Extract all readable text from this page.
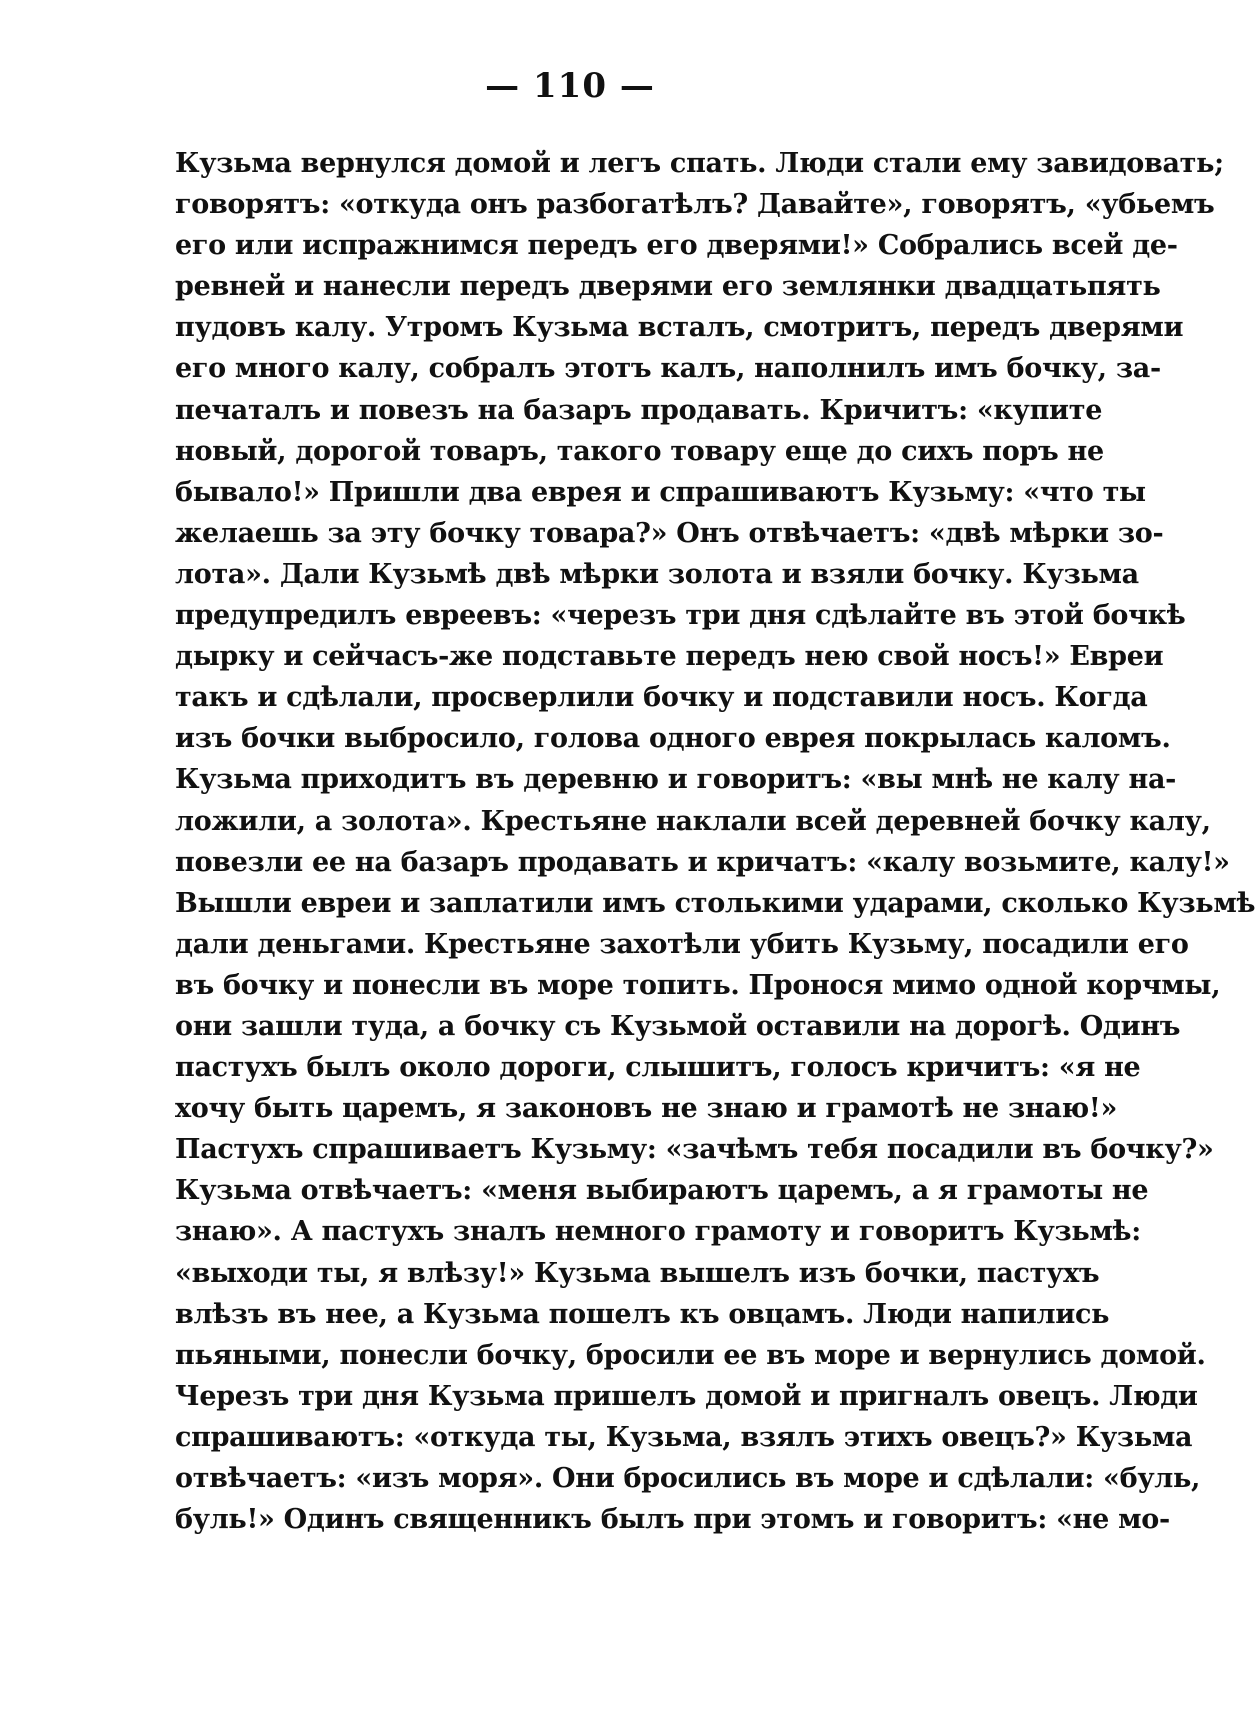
— 110 —
Кузьма вернулся домой и легъ спать. Люди стали ему завидовать;
говорятъ: «откуда онъ разбогатѣлъ? Давайте», говорятъ, «убьемъ
его или испражнимся передъ его дверями!» Собрались всей де-
ревней и нанесли передъ дверями его землянки двадцатьпять
пудовъ калу. Утромъ Кузьма всталъ, смотритъ, передъ дверями
его много калу, собралъ этотъ калъ, наполнилъ имъ бочку, за-
печаталъ и повезъ на базаръ продавать. Кричитъ: «купите
новый, дорогой товаръ, такого товару еще до сихъ поръ не
бывало!» Пришли два еврея и спрашиваютъ Кузьму: «что ты
желаешь за эту бочку товара?» Онъ отвѣчаетъ: «двѣ мѣрки зо-
лота». Дали Кузьмѣ двѣ мѣрки золота и взяли бочку. Кузьма
предупредилъ евреевъ: «черезъ три дня сдѣлайте въ этой бочкѣ
дырку и сейчасъ-же подставьте передъ нею свой носъ!» Евреи
такъ и сдѣлали, просверлили бочку и подставили носъ. Когда
изъ бочки выбросило, голова одного еврея покрылась каломъ.
Кузьма приходитъ въ деревню и говоритъ: «вы мнѣ не калу на-
ложили, а золота». Крестьяне наклали всей деревней бочку калу,
повезли ее на базаръ продавать и кричатъ: «калу возьмите, калу!»
Вышли евреи и заплатили имъ столькими ударами, сколько Кузьмѣ
дали деньгами. Крестьяне захотѣли убить Кузьму, посадили его
въ бочку и понесли въ море топить. Пронося мимо одной корчмы,
они зашли туда, а бочку съ Кузьмой оставили на дорогѣ. Одинъ
пастухъ былъ около дороги, слышитъ, голосъ кричитъ: «я не
хочу быть царемъ, я законовъ не знаю и грамотѣ не знаю!»
Пастухъ спрашиваетъ Кузьму: «зачѣмъ тебя посадили въ бочку?»
Кузьма отвѣчаетъ: «меня выбираютъ царемъ, а я грамоты не
знаю». А пастухъ зналъ немного грамоту и говоритъ Кузьмѣ:
«выходи ты, я влѣзу!» Кузьма вышелъ изъ бочки, пастухъ
влѣзъ въ нее, а Кузьма пошелъ къ овцамъ. Люди напились
пьяными, понесли бочку, бросили ее въ море и вернулись домой.
Черезъ три дня Кузьма пришелъ домой и пригналъ овецъ. Люди
спрашиваютъ: «откуда ты, Кузьма, взялъ этихъ овецъ?» Кузьма
отвѣчаетъ: «изъ моря». Они бросились въ море и сдѣлали: «буль,
буль!» Одинъ священникъ былъ при этомъ и говоритъ: «не мо-
